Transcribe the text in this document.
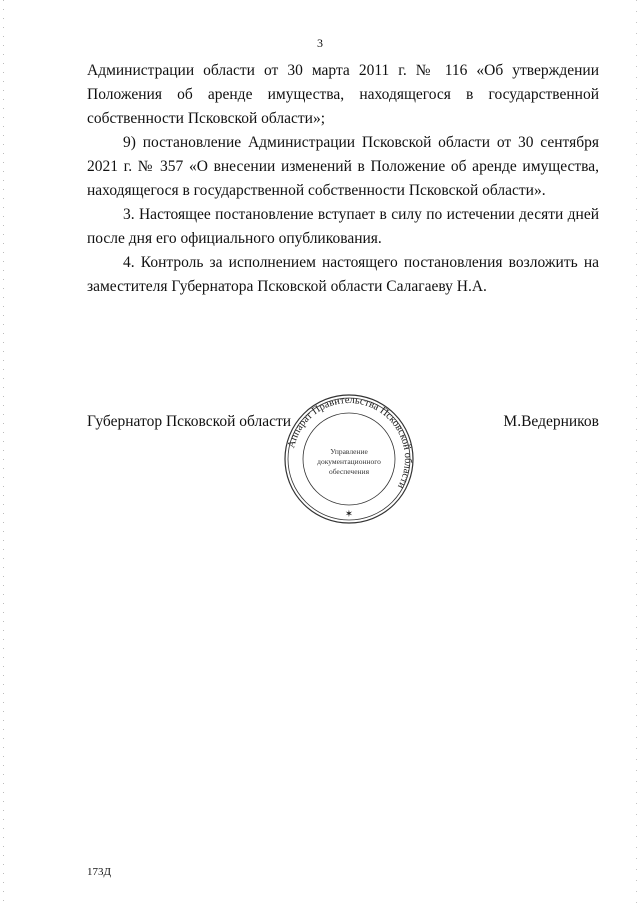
3

Администрации области от 30 марта 2011 г. № 116 «Об утверждении Положения об аренде имущества, находящегося в государственной собственности Псковской области»;

9) постановление Администрации Псковской области от 30 сентября 2021 г. № 357 «О внесении изменений в Положение об аренде имущества, находящегося в государственной собственности Псковской области».

3. Настоящее постановление вступает в силу по истечении десяти дней после дня его официального опубликования.

4. Контроль за исполнением настоящего постановления возложить на заместителя Губернатора Псковской области Салагаеву Н.А.

Губернатор Псковской области
Аппарат Правительства Псковской области
Управление
документационного
обеспечения
✶
М.Ведерников
173Д
